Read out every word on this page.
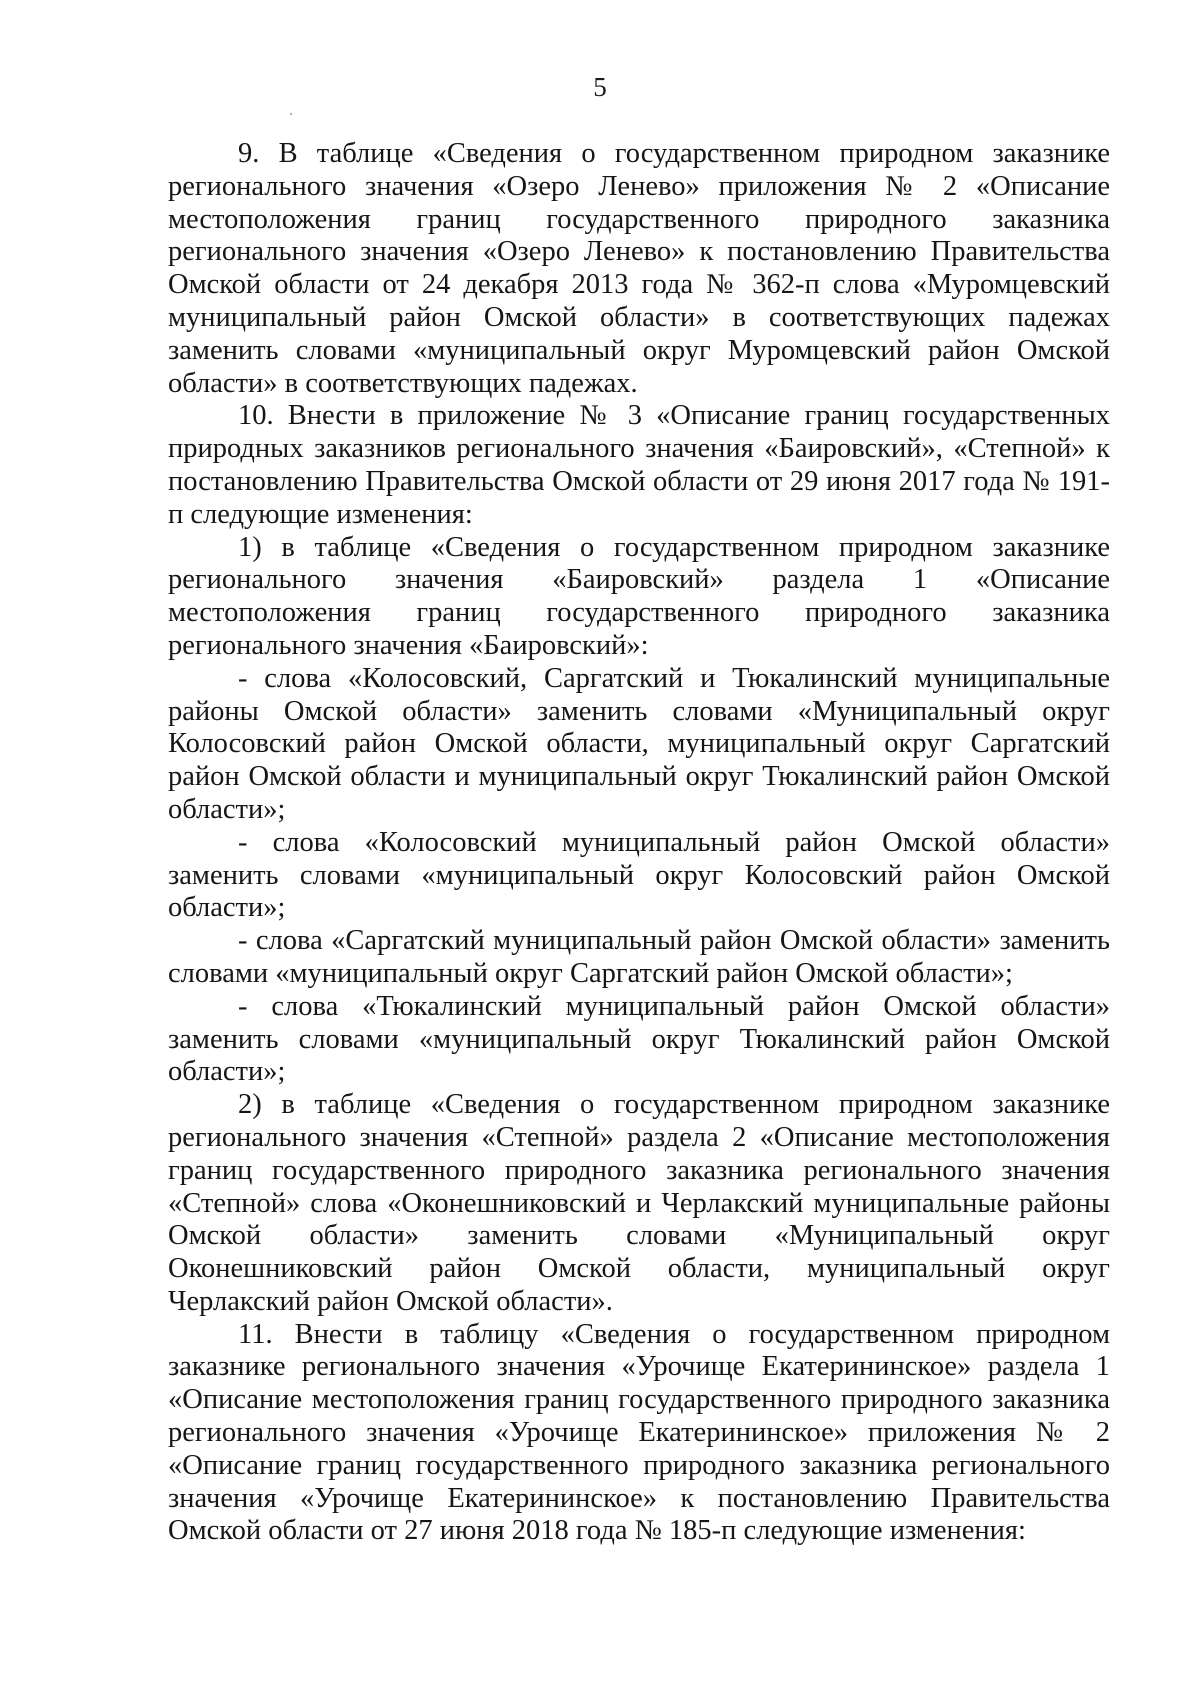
5

9. В таблице «Сведения о государственном природном заказнике регионального значения «Озеро Ленево» приложения № 2 «Описание местоположения границ государственного природного заказника регионального значения «Озеро Ленево» к постановлению Правительства Омской области от 24 декабря 2013 года № 362-п слова «Муромцевский муниципальный район Омской области» в соответствующих падежах заменить словами «муниципальный округ Муромцевский район Омской области» в соответствующих падежах.

10. Внести в приложение № 3 «Описание границ государственных природных заказников регионального значения «Баировский», «Степной» к постановлению Правительства Омской области от 29 июня 2017 года № 191-п следующие изменения:

1) в таблице «Сведения о государственном природном заказнике регионального значения «Баировский» раздела 1 «Описание местоположения границ государственного природного заказника регионального значения «Баировский»:

- слова «Колосовский, Саргатский и Тюкалинский муниципальные районы Омской области» заменить словами «Муниципальный округ Колосовский район Омской области, муниципальный округ Саргатский район Омской области и муниципальный округ Тюкалинский район Омской области»;

- слова «Колосовский муниципальный район Омской области» заменить словами «муниципальный округ Колосовский район Омской области»;

- слова «Саргатский муниципальный район Омской области» заменить словами «муниципальный округ Саргатский район Омской области»;

- слова «Тюкалинский муниципальный район Омской области» заменить словами «муниципальный округ Тюкалинский район Омской области»;

2) в таблице «Сведения о государственном природном заказнике регионального значения «Степной» раздела 2 «Описание местоположения границ государственного природного заказника регионального значения «Степной» слова «Оконешниковский и Черлакский муниципальные районы Омской области» заменить словами «Муниципальный округ Оконешниковский район Омской области, муниципальный округ Черлакский район Омской области».

11. Внести в таблицу «Сведения о государственном природном заказнике регионального значения «Урочище Екатерининское» раздела 1 «Описание местоположения границ государственного природного заказника регионального значения «Урочище Екатерининское» приложения № 2 «Описание границ государственного природного заказника регионального значения «Урочище Екатерининское» к постановлению Правительства Омской области от 27 июня 2018 года № 185-п следующие изменения:
